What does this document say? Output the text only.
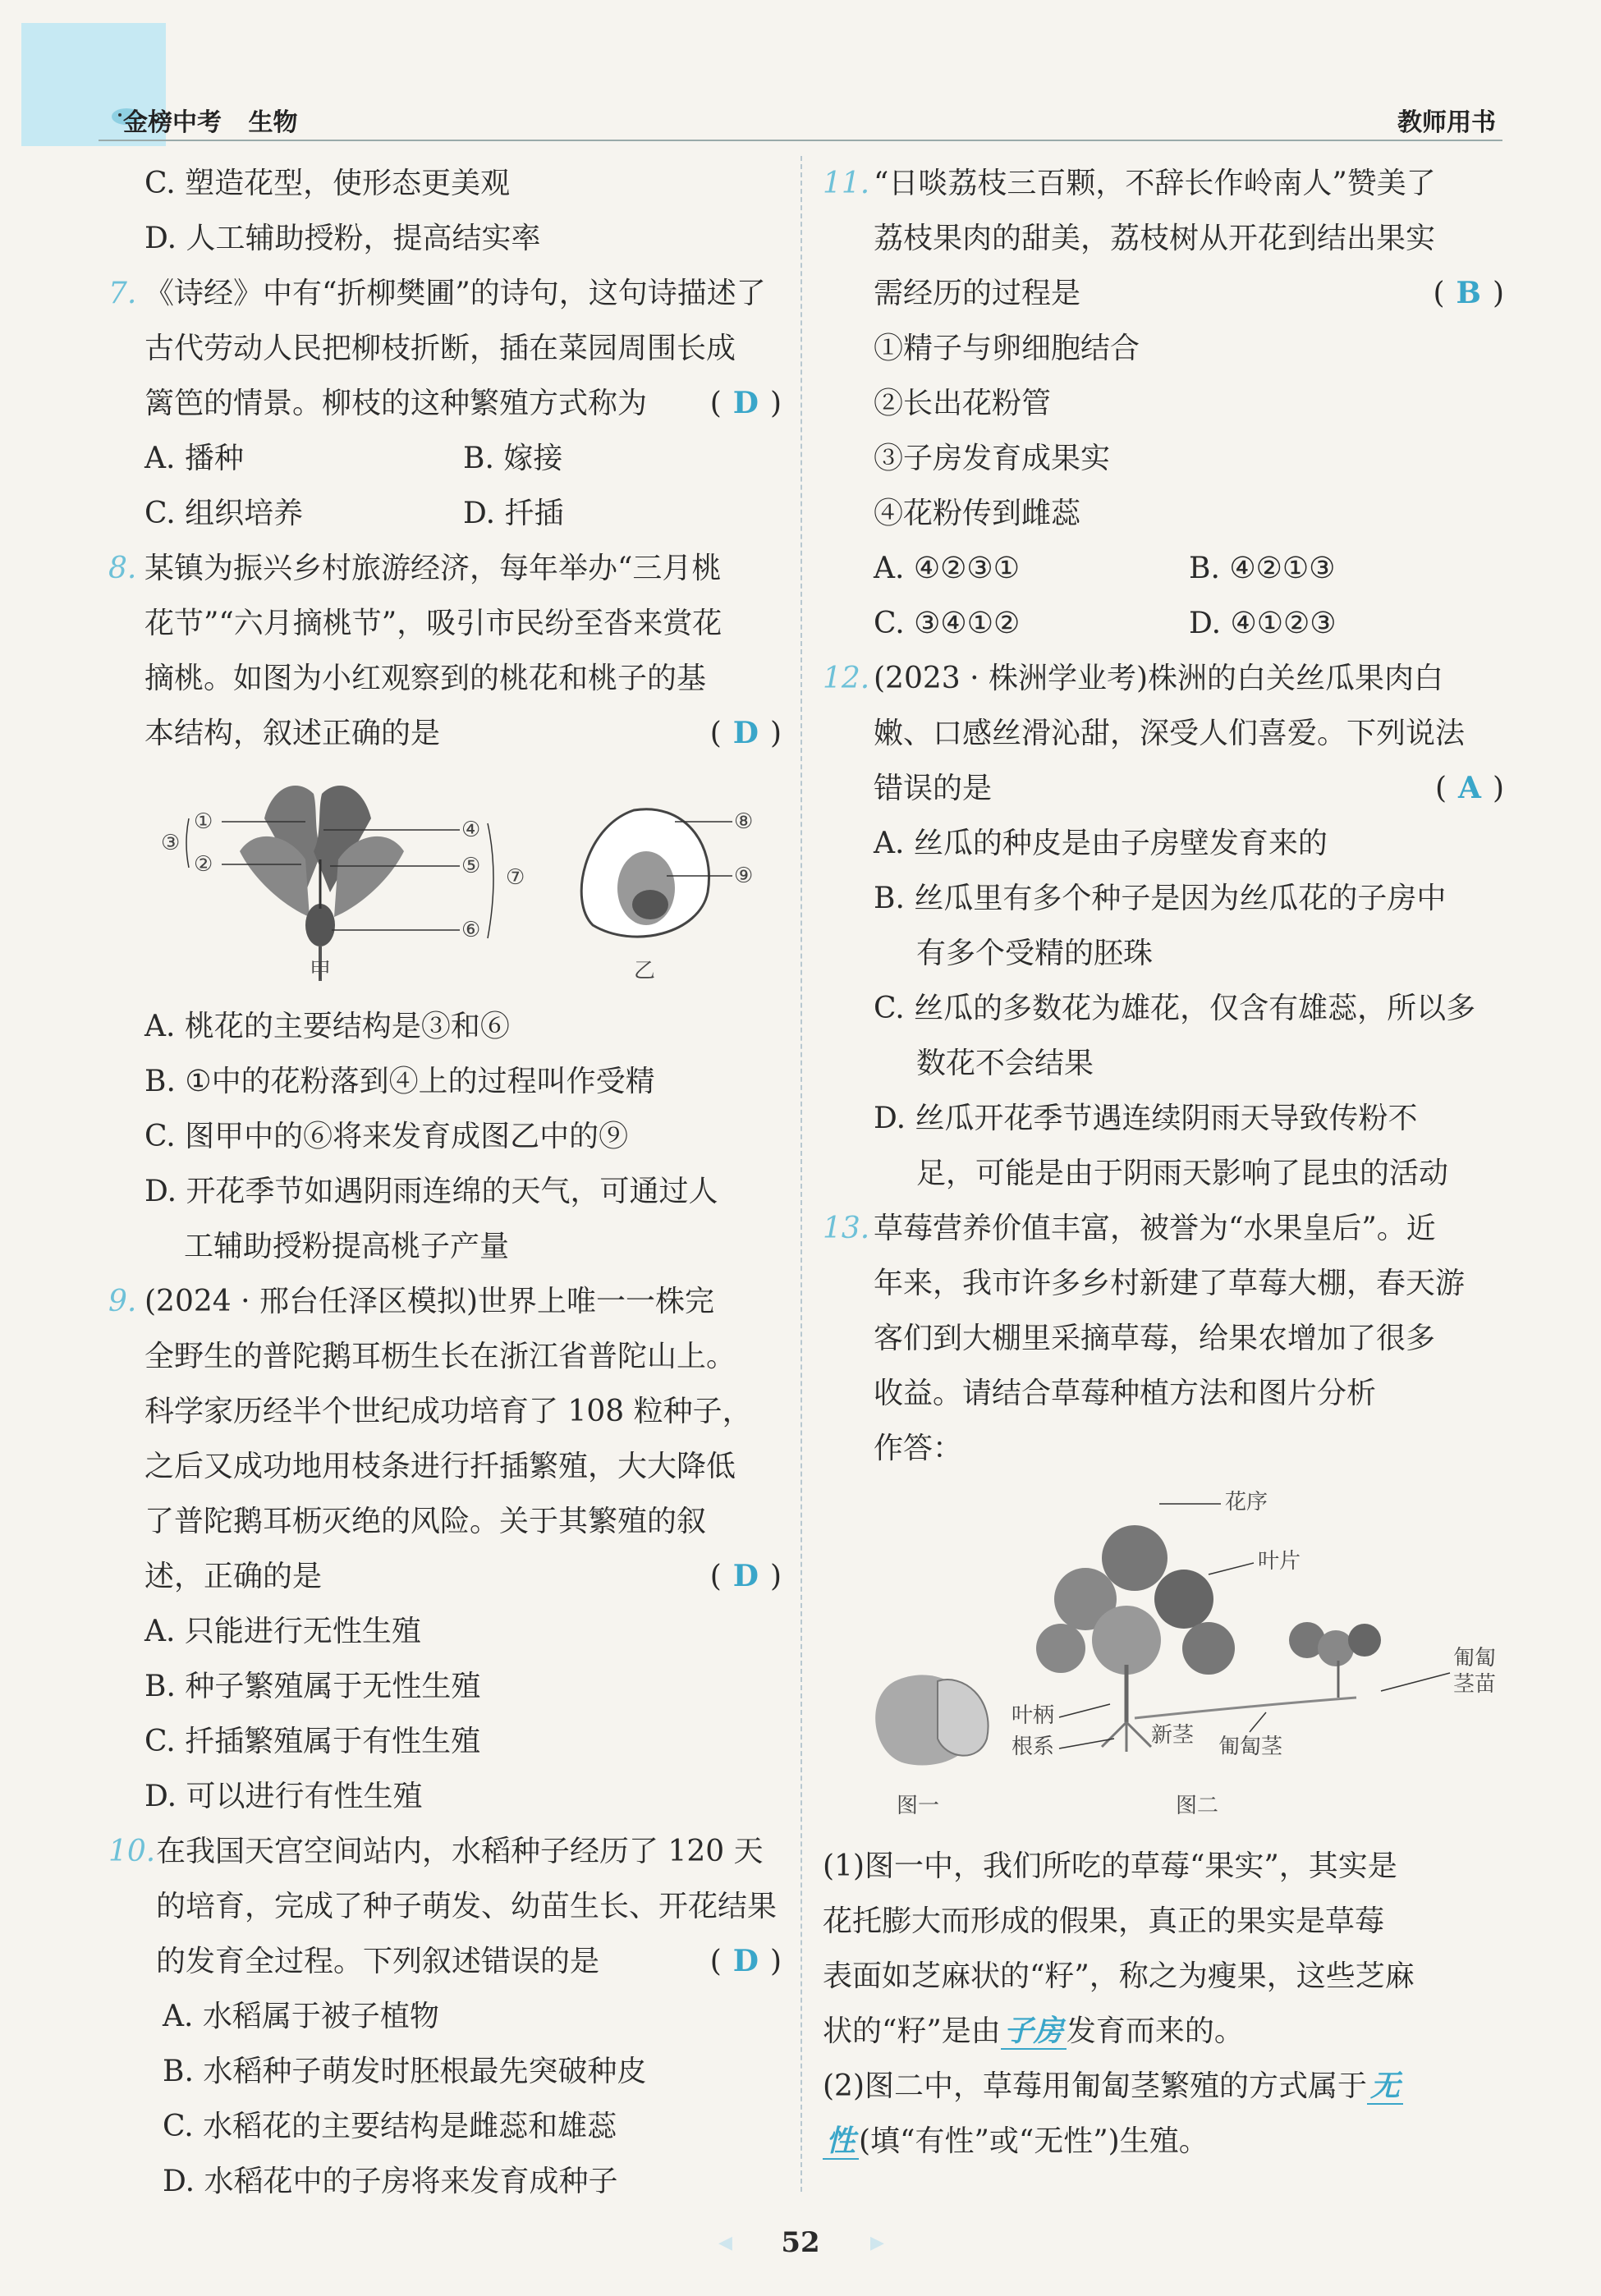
金榜中考 生物	教师用书

C. 塑造花型，使形态更美观

D. 人工辅助授粉，提高结实率

7. 《诗经》中有“折柳樊圃”的诗句，这句诗描述了
古代劳动人民把柳枝折断，插在菜园周围长成
篱笆的情景。柳枝的这种繁殖方式称为 ( D )
A. 播种	B. 嫁接
C. 组织培养	D. 扦插
8. 某镇为振兴乡村旅游经济，每年举办“三月桃
花节”“六月摘桃节”，吸引市民纷至沓来赏花
摘桃。如图为小红观察到的桃花和桃子的基
本结构，叙述正确的是	( D )
③
①
②
④
⑤
⑥
⑦
⑧
⑨
甲	乙

A. 桃花的主要结构是③和⑥

B. ①中的花粉落到④上的过程叫作受精

C. 图甲中的⑥将来发育成图乙中的⑨

D. 开花季节如遇阴雨连绵的天气，可通过人

工辅助授粉提高桃子产量

9. (2024 · 邢台任泽区模拟)世界上唯一一株完
全野生的普陀鹅耳枥生长在浙江省普陀山上。
科学家历经半个世纪成功培育了 108 粒种子，
之后又成功地用枝条进行扦插繁殖，大大降低
了普陀鹅耳枥灭绝的风险。关于其繁殖的叙
述，正确的是	( D )

A. 只能进行无性生殖

B. 种子繁殖属于无性生殖

C. 扦插繁殖属于有性生殖

D. 可以进行有性生殖

10. 在我国天宫空间站内，水稻种子经历了 120 天
的培育，完成了种子萌发、幼苗生长、开花结果
的发育全过程。下列叙述错误的是	( D )

A. 水稻属于被子植物

B. 水稻种子萌发时胚根最先突破种皮

C. 水稻花的主要结构是雌蕊和雄蕊

D. 水稻花中的子房将来发育成种子

11. “日啖荔枝三百颗，不辞长作岭南人”赞美了
荔枝果肉的甜美，荔枝树从开花到结出果实
需经历的过程是	( B )

①精子与卵细胞结合

②长出花粉管

③子房发育成果实

④花粉传到雌蕊

A. ④②③①	B. ④②①③
C. ③④①②	D. ④①②③
12. (2023 · 株洲学业考)株洲的白关丝瓜果肉白
嫩、口感丝滑沁甜，深受人们喜爱。下列说法
错误的是	( A )

A. 丝瓜的种皮是由子房壁发育来的

B. 丝瓜里有多个种子是因为丝瓜花的子房中

有多个受精的胚珠

C. 丝瓜的多数花为雄花，仅含有雄蕊，所以多

数花不会结果

D. 丝瓜开花季节遇连续阴雨天导致传粉不

足，可能是由于阴雨天影响了昆虫的活动

13. 草莓营养价值丰富，被誉为“水果皇后”。近
年来，我市许多乡村新建了草莓大棚，春天游
客们到大棚里采摘草莓，给果农增加了很多
收益。请结合草莓种植方法和图片分析
作答：
花序
叶片
匍匐
茎苗
叶柄
根系	新茎 匍匐茎
图一	图二

(1)图一中，我们所吃的草莓“果实”，其实是

花托膨大而形成的假果，真正的果实是草莓

表面如芝麻状的“籽”，称之为瘦果，这些芝麻

状的“籽”是由 子房 发育而来的。

(2)图二中，草莓用匍匐茎繁殖的方式属于 无

性 (填“有性”或“无性”)生殖。

◀	52	▶
